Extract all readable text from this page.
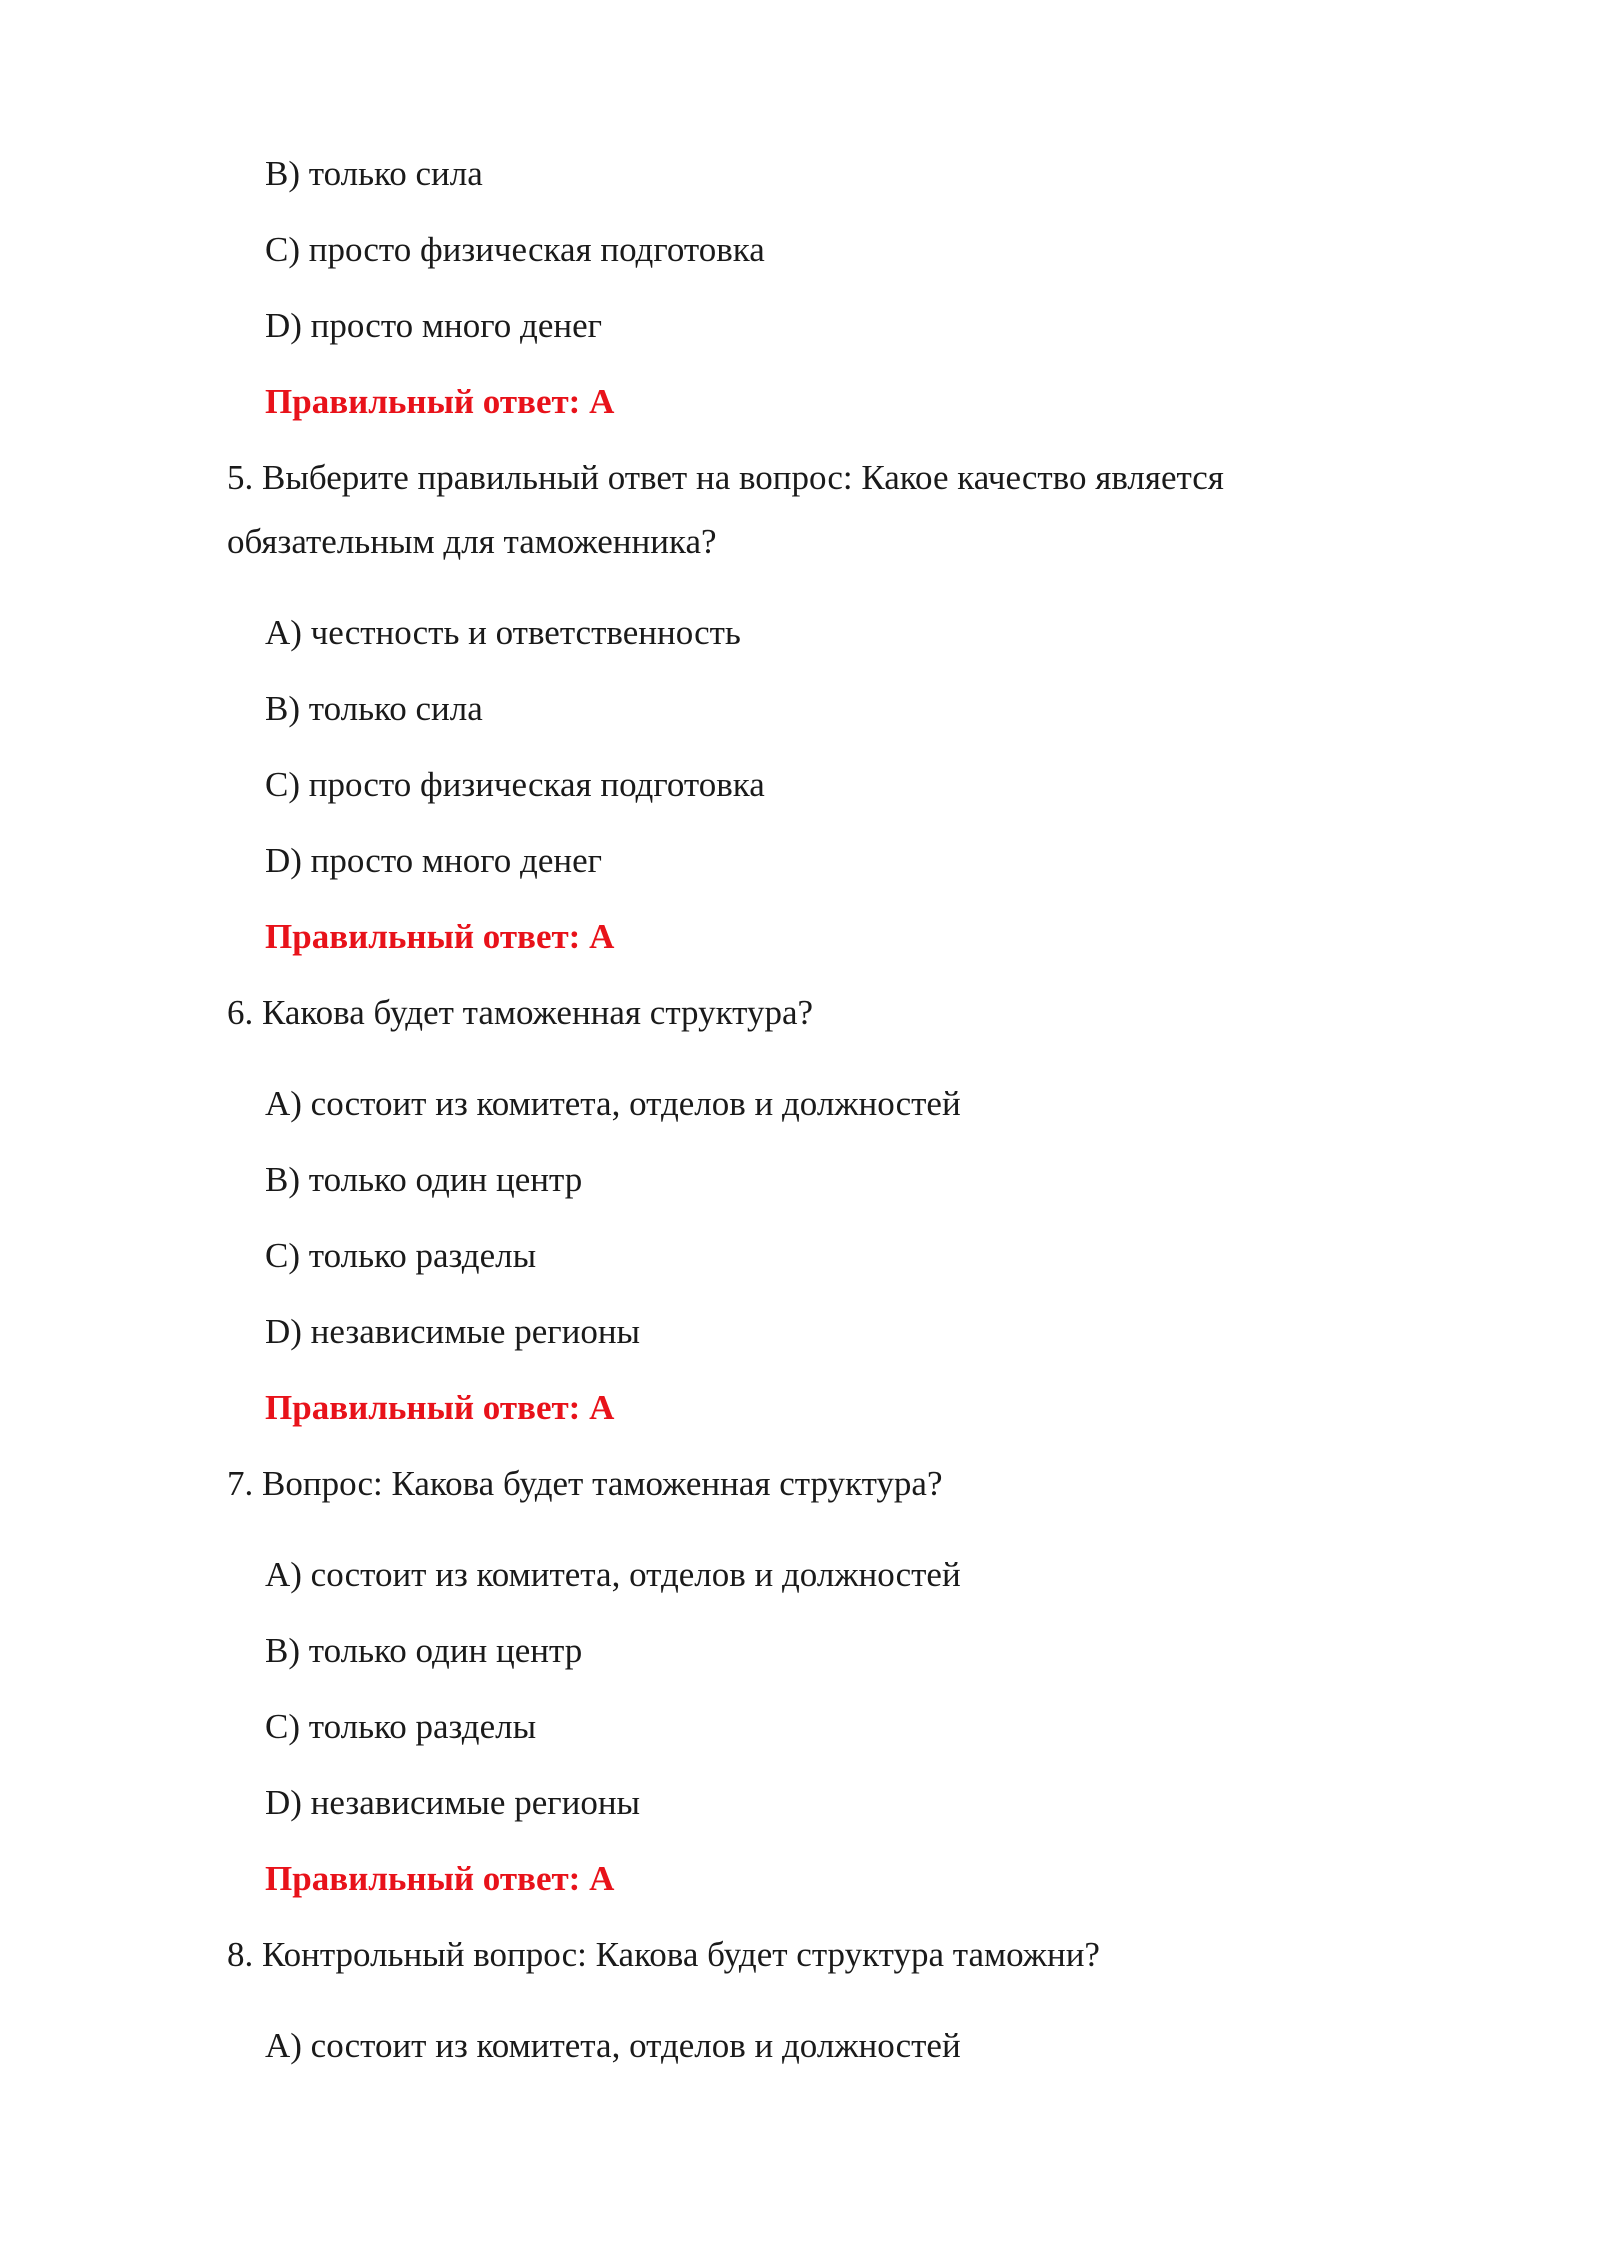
B) только сила
C) просто физическая подготовка
D) просто много денег
Правильный ответ: А
5. Выберите правильный ответ на вопрос: Какое качество является
обязательным для таможенника?
A) честность и ответственность
B) только сила
C) просто физическая подготовка
D) просто много денег
Правильный ответ: А
6. Какова будет таможенная структура?
A) состоит из комитета, отделов и должностей
B) только один центр
C) только разделы
D) независимые регионы
Правильный ответ: А
7. Вопрос: Какова будет таможенная структура?
A) состоит из комитета, отделов и должностей
B) только один центр
C) только разделы
D) независимые регионы
Правильный ответ: А
8. Контрольный вопрос: Какова будет структура таможни?
A) состоит из комитета, отделов и должностей
